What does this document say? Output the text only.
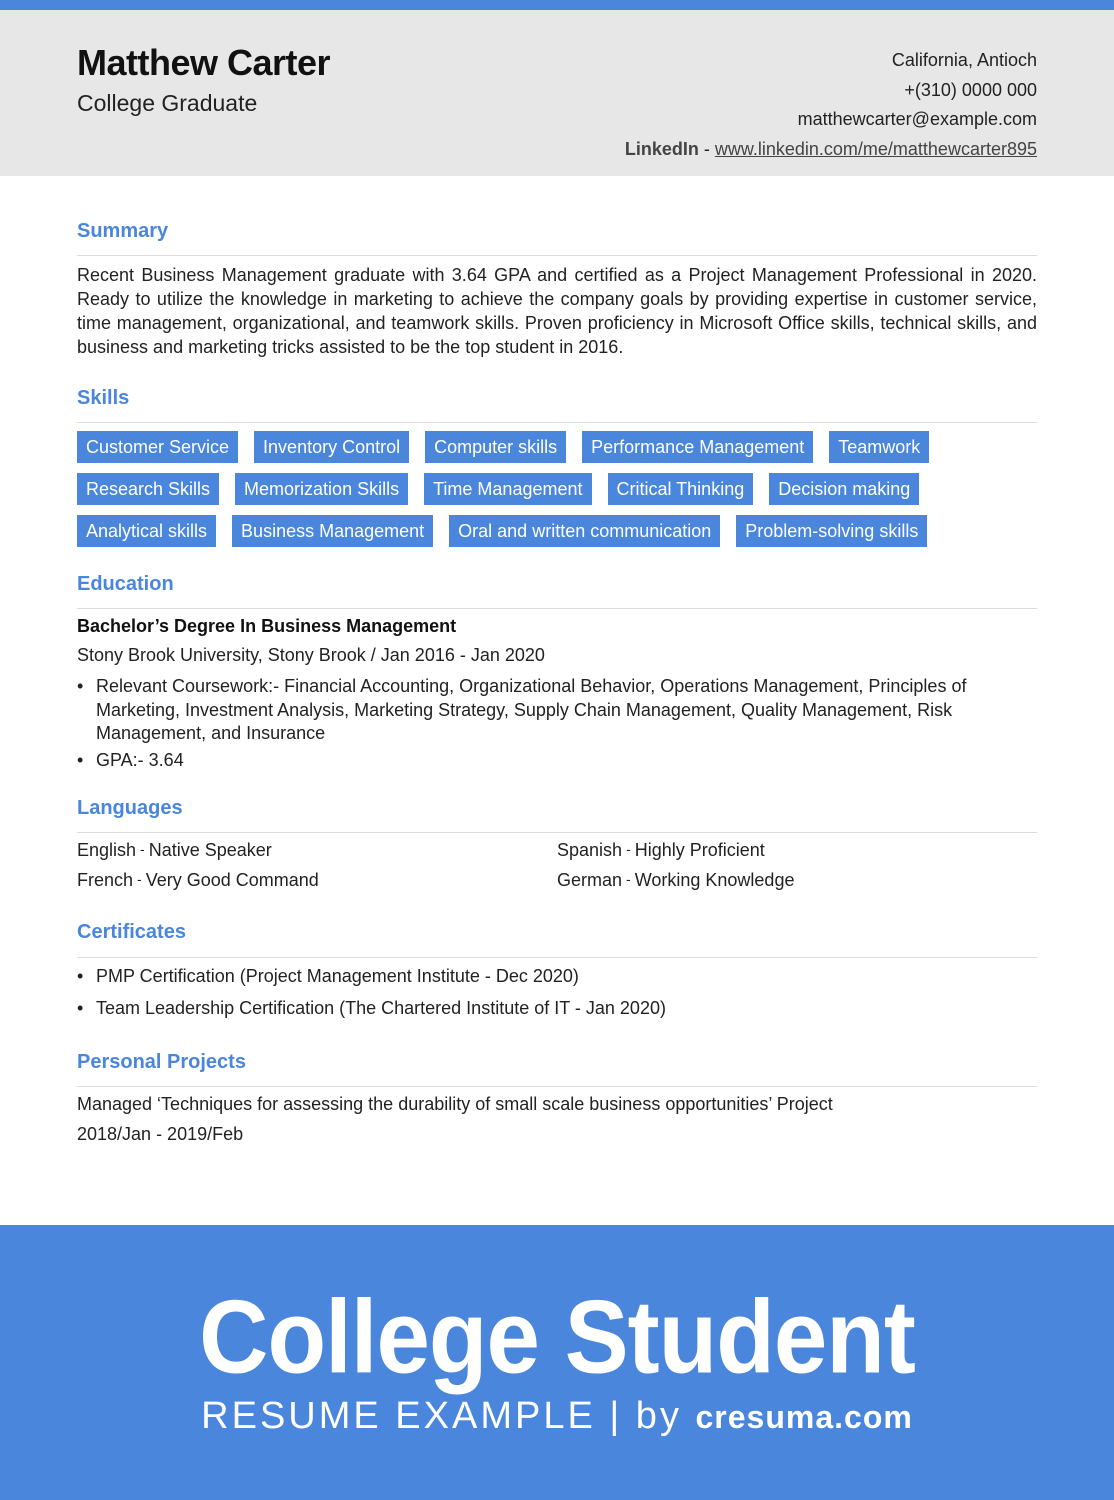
Matthew Carter
College Graduate
California, Antioch
+(310) 0000 000
matthewcarter@example.com
LinkedIn - www.linkedin.com/me/matthewcarter895
Summary
Recent Business Management graduate with 3.64 GPA and certified as a Project Management Professional in 2020. Ready to utilize the knowledge in marketing to achieve the company goals by providing expertise in customer service, time management, organizational, and teamwork skills. Proven proficiency in Microsoft Office skills, technical skills, and business and marketing tricks assisted to be the top student in 2016.
Skills
Customer Service	Inventory Control	Computer skills	Performance Management	Teamwork
Research Skills	Memorization Skills	Time Management	Critical Thinking	Decision making
Analytical skills	Business Management	Oral and written communication	Problem-solving skills
Education
Bachelor’s Degree In Business Management
Stony Brook University, Stony Brook / Jan 2016 - Jan 2020
• Relevant Coursework:- Financial Accounting, Organizational Behavior, Operations Management, Principles of Marketing, Investment Analysis, Marketing Strategy, Supply Chain Management, Quality Management, Risk Management, and Insurance
• GPA:- 3.64
Languages
English - Native Speaker	Spanish - Highly Proficient
French - Very Good Command	German - Working Knowledge
Certificates
• PMP Certification (Project Management Institute - Dec 2020)
• Team Leadership Certification (The Chartered Institute of IT - Jan 2020)
Personal Projects
Managed ‘Techniques for assessing the durability of small scale business opportunities’ Project
2018/Jan - 2019/Feb
College Student
RESUME EXAMPLE | by cresuma.com
